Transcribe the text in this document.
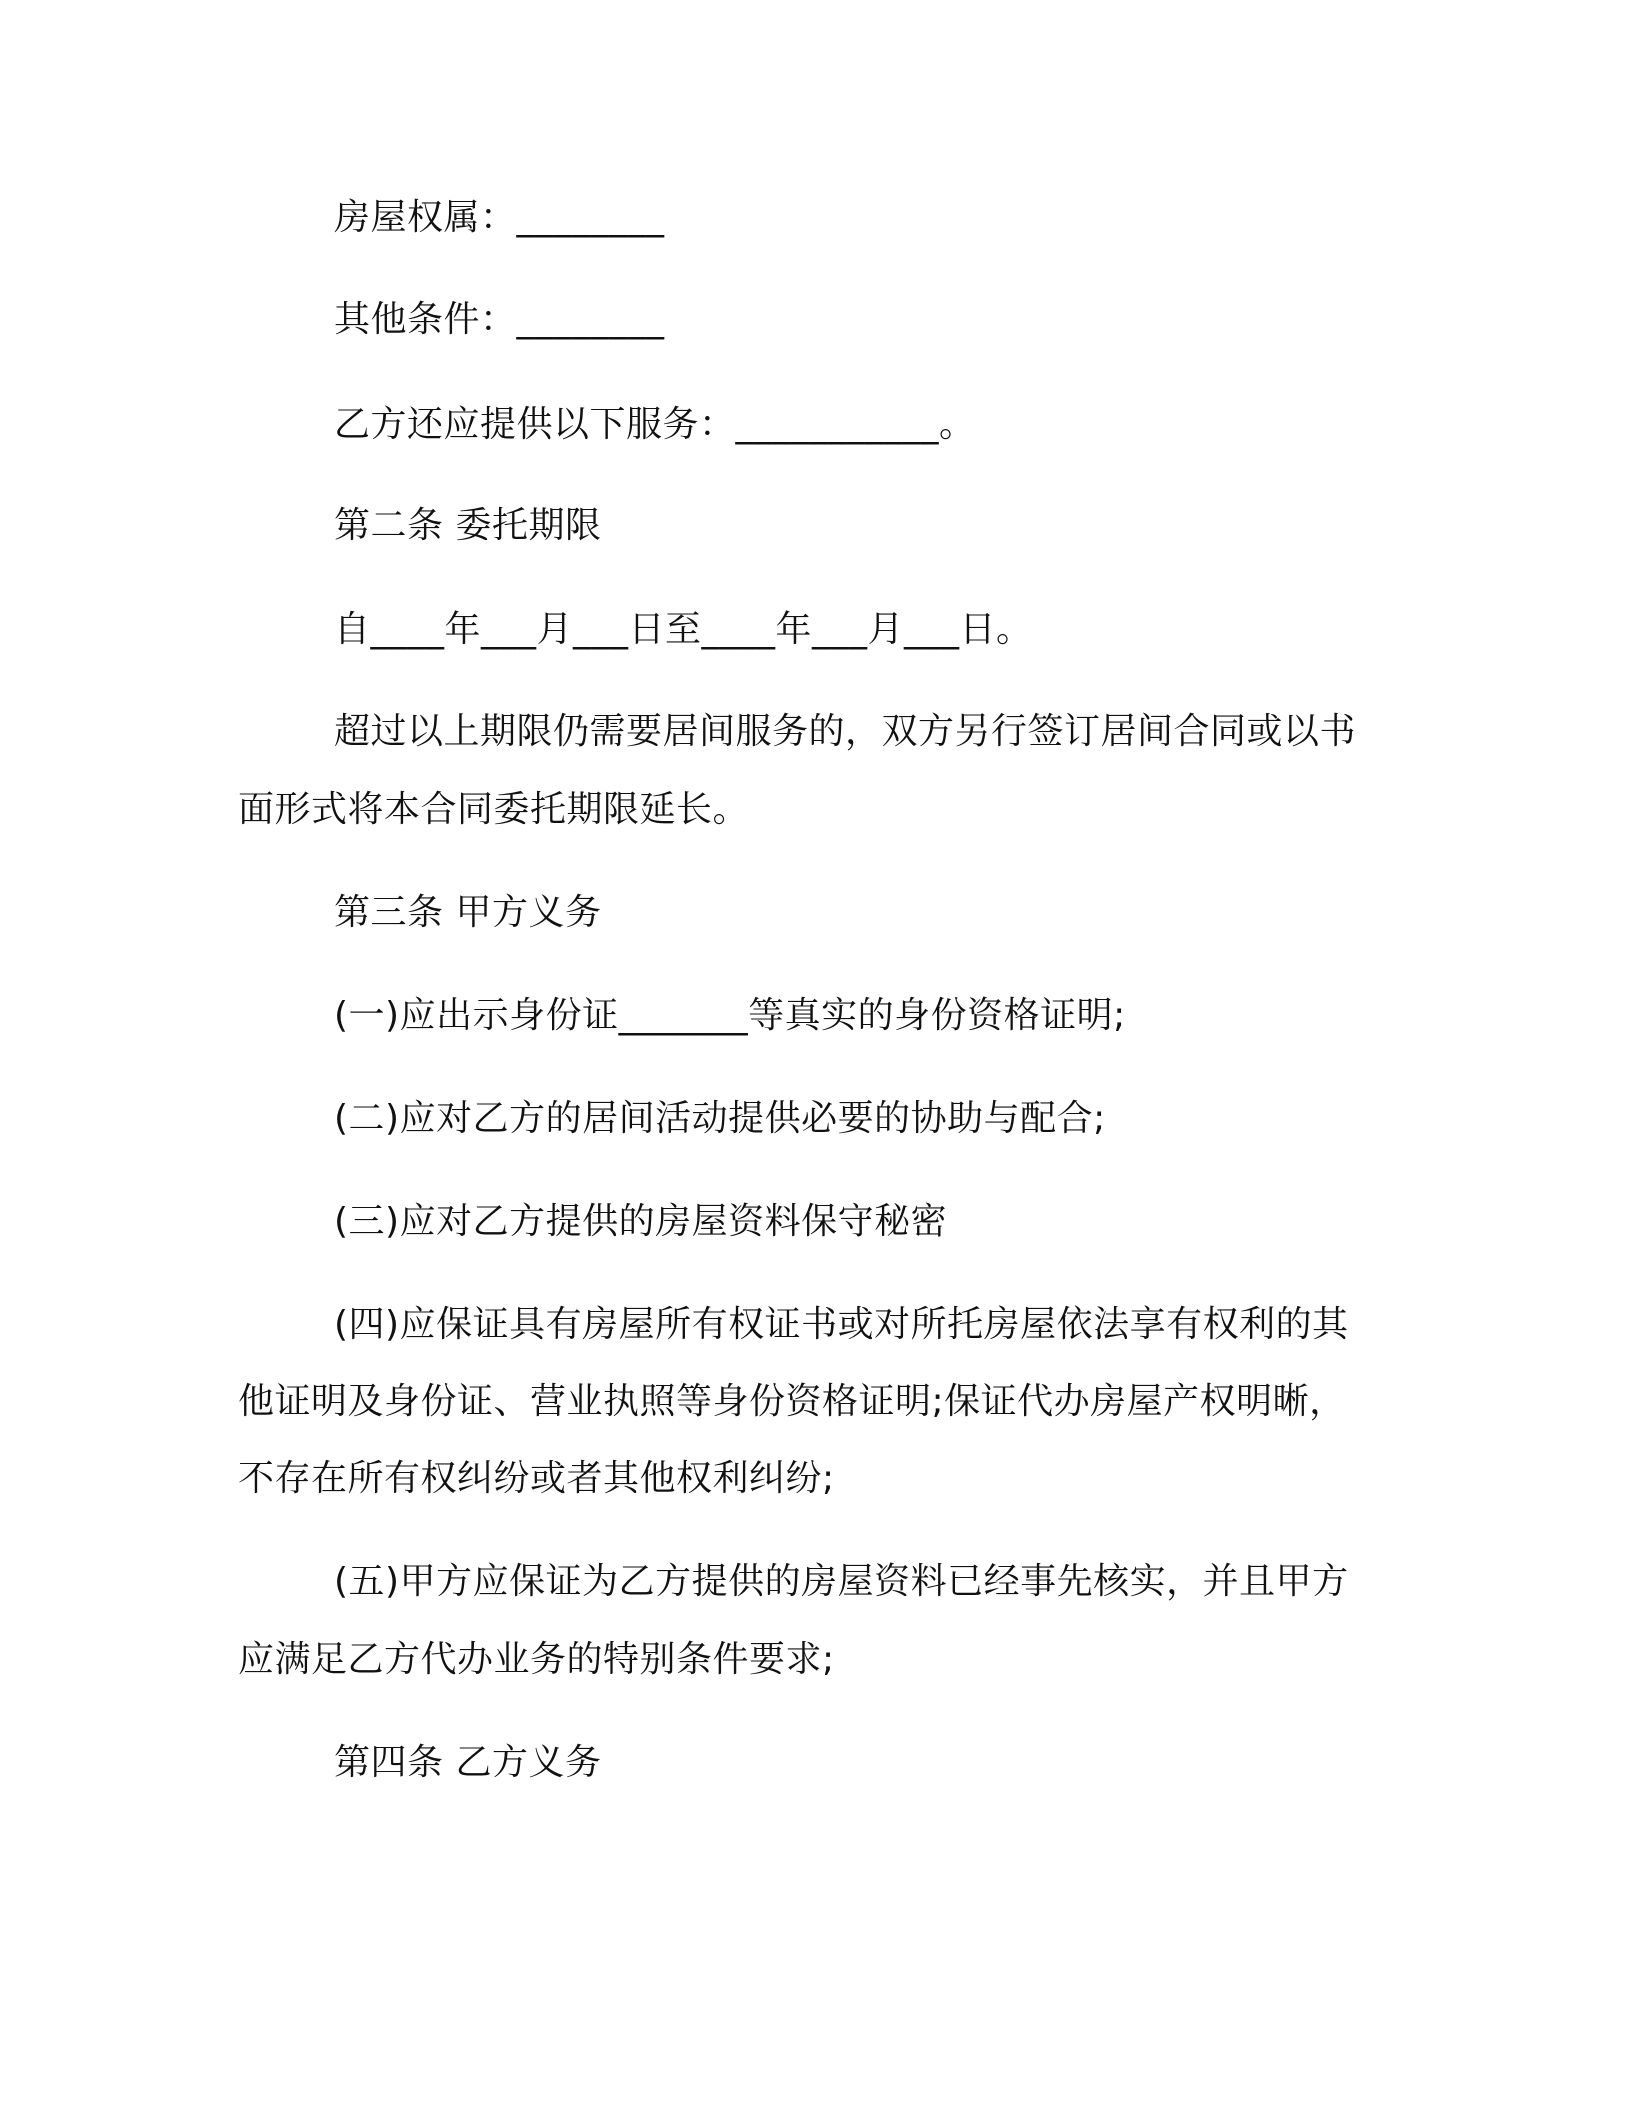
房屋权属：________
其他条件：________
乙方还应提供以下服务：___________。
第二条 委托期限
自____年___月___日至____年___月___日。
超过以上期限仍需要居间服务的，双方另行签订居间合同或以书
面形式将本合同委托期限延长。
第三条 甲方义务
(一)应出示身份证_______等真实的身份资格证明;
(二)应对乙方的居间活动提供必要的协助与配合;
(三)应对乙方提供的房屋资料保守秘密
(四)应保证具有房屋所有权证书或对所托房屋依法享有权利的其
他证明及身份证、营业执照等身份资格证明;保证代办房屋产权明晰，
不存在所有权纠纷或者其他权利纠纷;
(五)甲方应保证为乙方提供的房屋资料已经事先核实，并且甲方
应满足乙方代办业务的特别条件要求;
第四条 乙方义务
